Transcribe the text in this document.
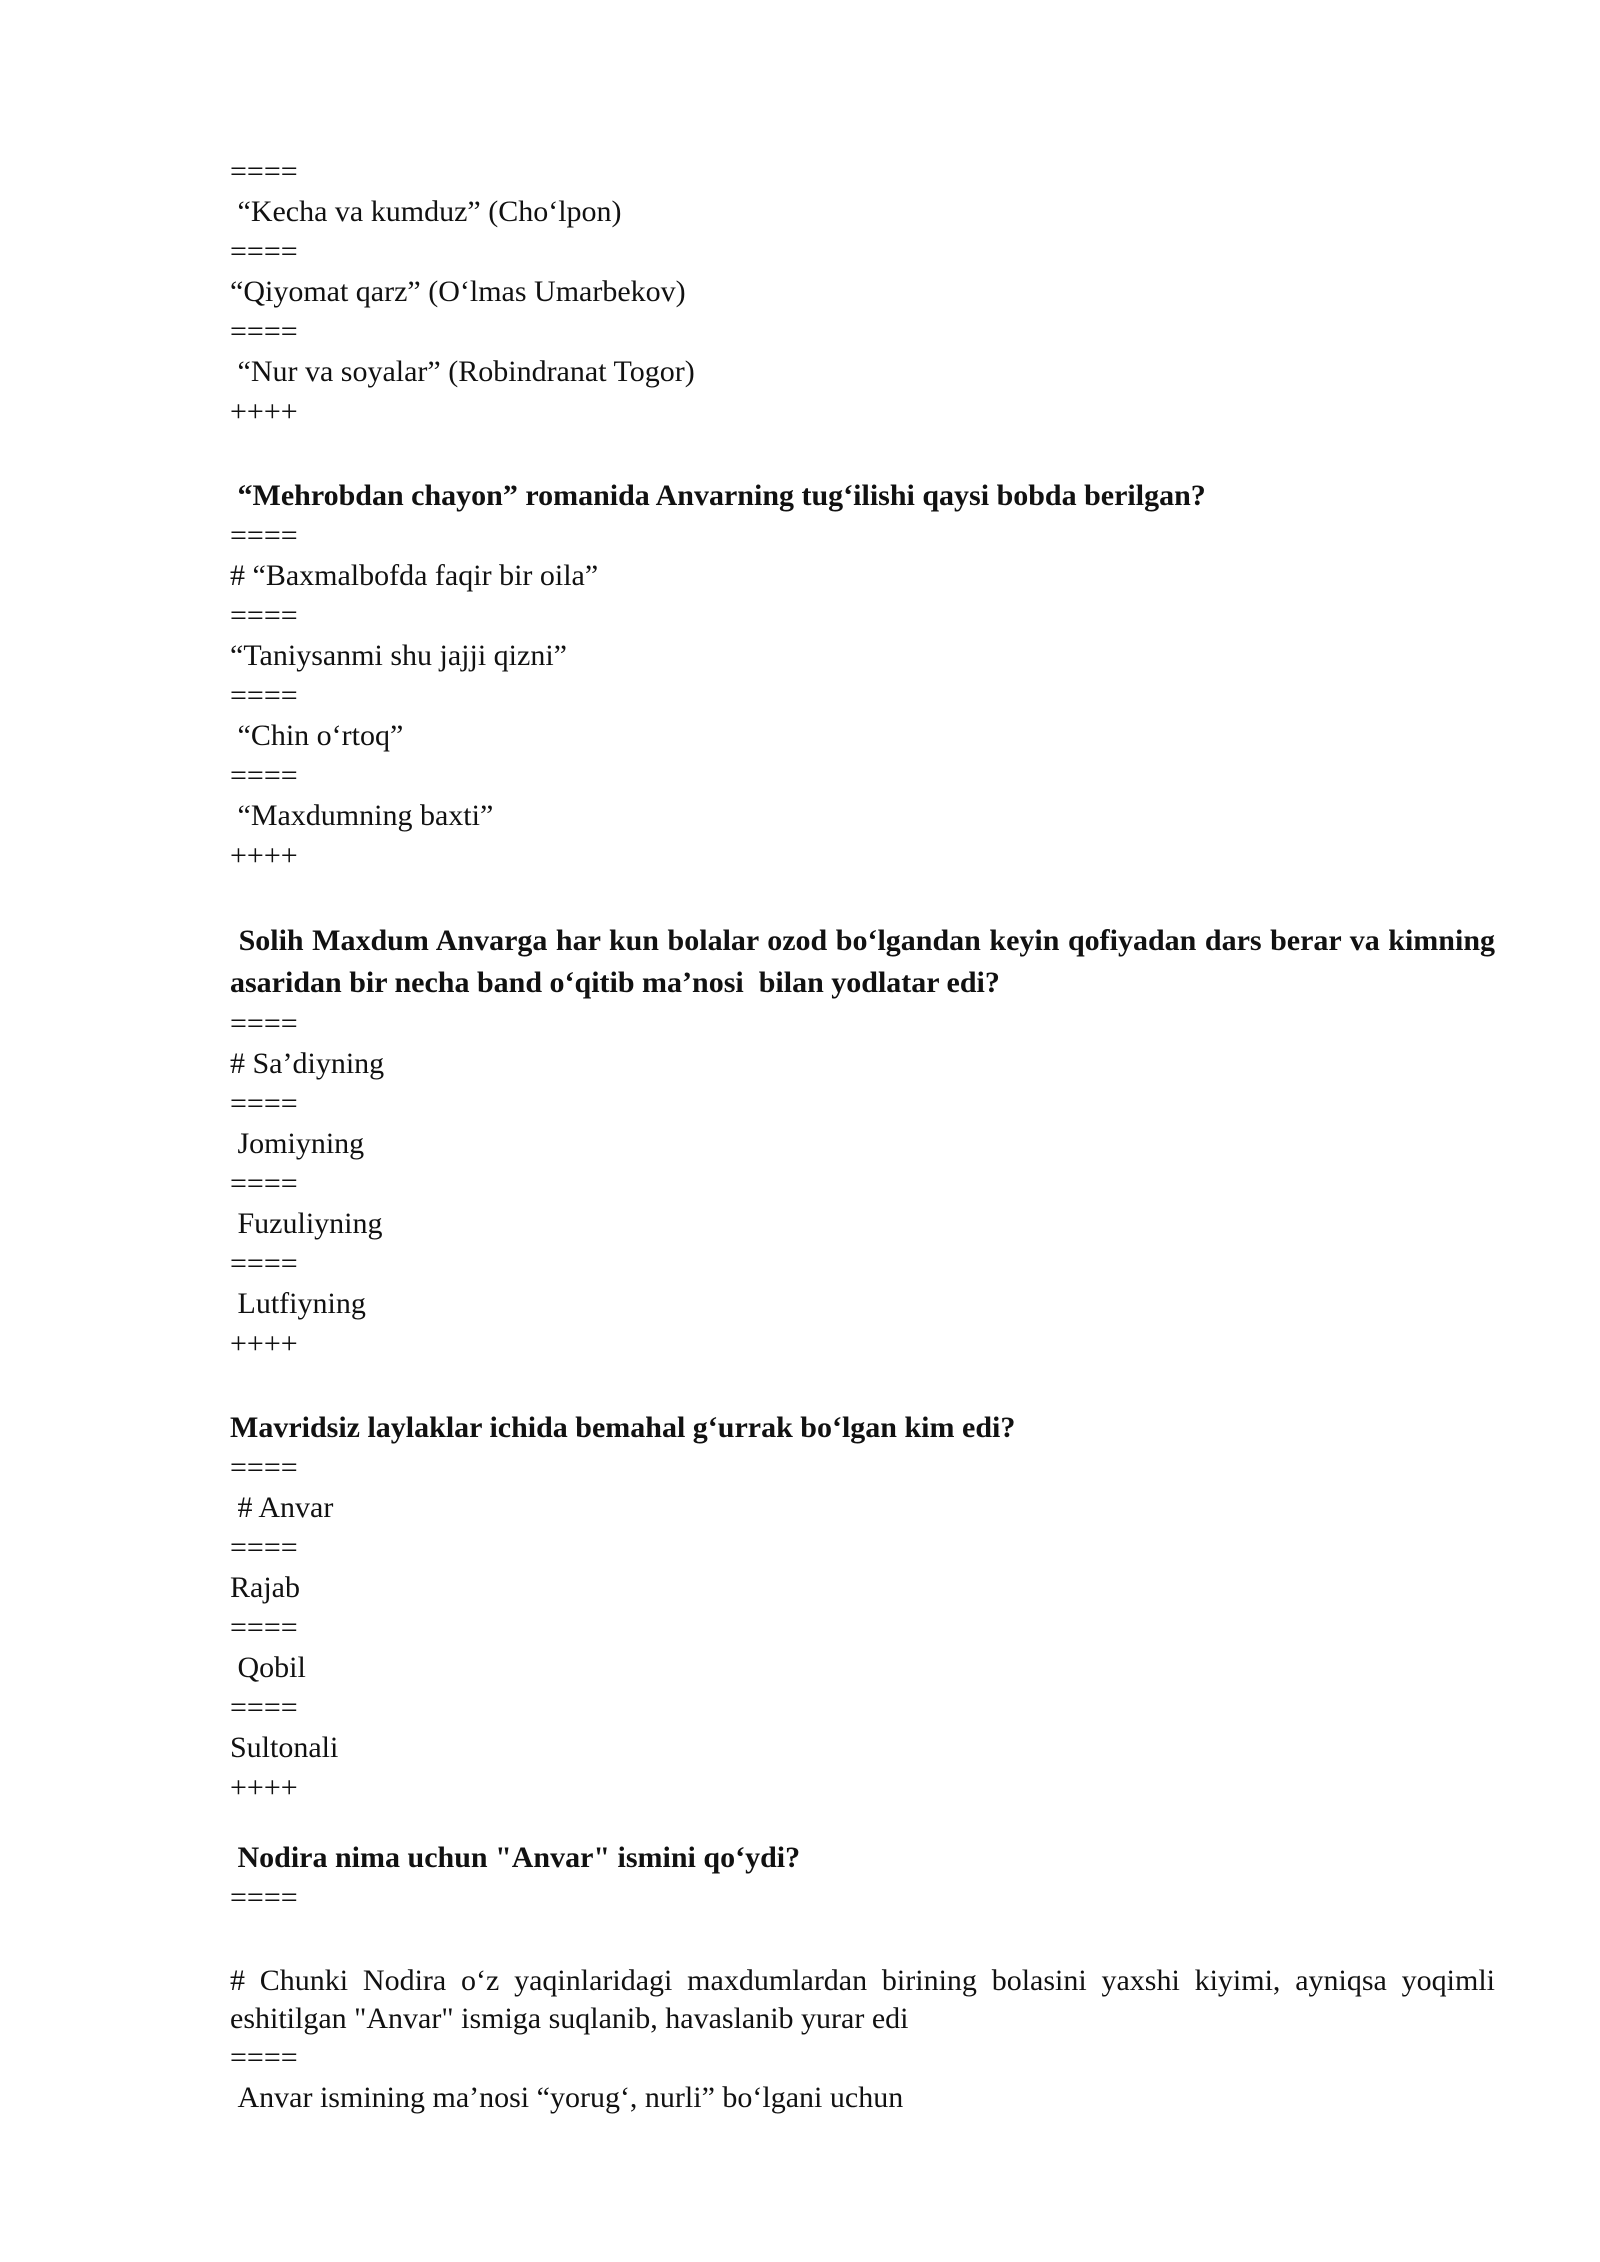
====
“Kecha va kumduz” (Cho‘lpon)
====
“Qiyomat qarz” (O‘lmas Umarbekov)
====
“Nur va soyalar” (Robindranat Togor)
++++
“Mehrobdan chayon” romanida Anvarning tug‘ilishi qaysi bobda berilgan?
====
# “Baxmalbofda faqir bir oila”
====
“Taniysanmi shu jajji qizni”
====
“Chin o‘rtoq”
====
“Maxdumning baxti”
++++
Solih Maxdum Anvarga har kun bolalar ozod bo‘lgandan keyin qofiyadan dars berar va kimning asaridan bir necha band o‘qitib ma’nosi  bilan yodlatar edi?
====
# Sa’diyning
====
Jomiyning
====
Fuzuliyning
====
Lutfiyning
++++
Mavridsiz laylaklar ichida bemahal g‘urrak bo‘lgan kim edi?
====
# Anvar
====
Rajab
====
Qobil
====
Sultonali
++++
Nodira nima uchun "Anvar" ismini qo‘ydi?
====
# Chunki Nodira o‘z yaqinlaridagi maxdumlardan birining bolasini yaxshi kiyimi, ayniqsa yoqimli eshitilgan "Anvar" ismiga suqlanib, havaslanib yurar edi
====
Anvar ismining ma’nosi “yorug‘, nurli” bo‘lgani uchun
